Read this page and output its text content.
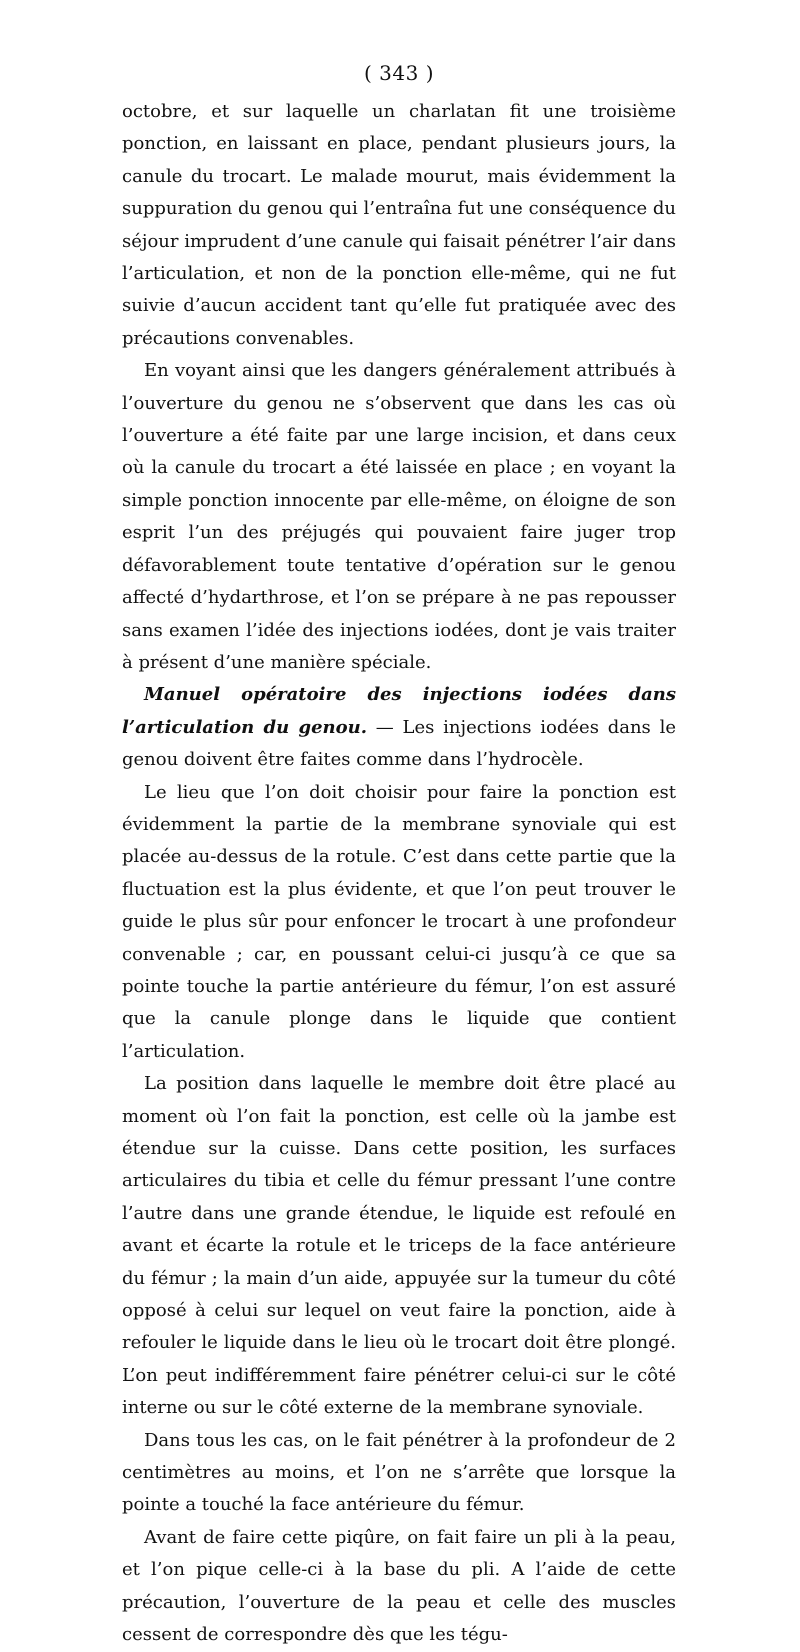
( 343 )

octobre, et sur laquelle un charlatan fit une troisième ponction, en laissant en place, pendant plusieurs jours, la canule du trocart. Le malade mourut, mais évidemment la suppuration du genou qui l’entraîna fut une conséquence du séjour imprudent d’une canule qui faisait pénétrer l’air dans l’articulation, et non de la ponction elle-même, qui ne fut suivie d’aucun accident tant qu’elle fut pratiquée avec des précautions convenables.

En voyant ainsi que les dangers généralement attribués à l’ouverture du genou ne s’observent que dans les cas où l’ouverture a été faite par une large incision, et dans ceux où la canule du trocart a été laissée en place ; en voyant la simple ponction innocente par elle-même, on éloigne de son esprit l’un des préjugés qui pouvaient faire juger trop défavorablement toute tentative d’opération sur le genou affecté d’hydarthrose, et l’on se prépare à ne pas repousser sans examen l’idée des injections iodées, dont je vais traiter à présent d’une manière spéciale.

Manuel opératoire des injections iodées dans l’articulation du genou. — Les injections iodées dans le genou doivent être faites comme dans l’hydrocèle.

Le lieu que l’on doit choisir pour faire la ponction est évidemment la partie de la membrane synoviale qui est placée au-dessus de la rotule. C’est dans cette partie que la fluctuation est la plus évidente, et que l’on peut trouver le guide le plus sûr pour enfoncer le trocart à une profondeur convenable ; car, en poussant celui-ci jusqu’à ce que sa pointe touche la partie antérieure du fémur, l’on est assuré que la canule plonge dans le liquide que contient l’articulation.

La position dans laquelle le membre doit être placé au moment où l’on fait la ponction, est celle où la jambe est étendue sur la cuisse. Dans cette position, les surfaces articulaires du tibia et celle du fémur pressant l’une contre l’autre dans une grande étendue, le liquide est refoulé en avant et écarte la rotule et le triceps de la face antérieure du fémur ; la main d’un aide, appuyée sur la tumeur du côté opposé à celui sur lequel on veut faire la ponction, aide à refouler le liquide dans le lieu où le trocart doit être plongé. L’on peut indifféremment faire pénétrer celui-ci sur le côté interne ou sur le côté externe de la membrane synoviale.

Dans tous les cas, on le fait pénétrer à la profondeur de 2 centimètres au moins, et l’on ne s’arrête que lorsque la pointe a touché la face antérieure du fémur.

Avant de faire cette piqûre, on fait faire un pli à la peau, et l’on pique celle-ci à la base du pli. A l’aide de cette précaution, l’ouverture de la peau et celle des muscles cessent de correspondre dès que les tégu-
